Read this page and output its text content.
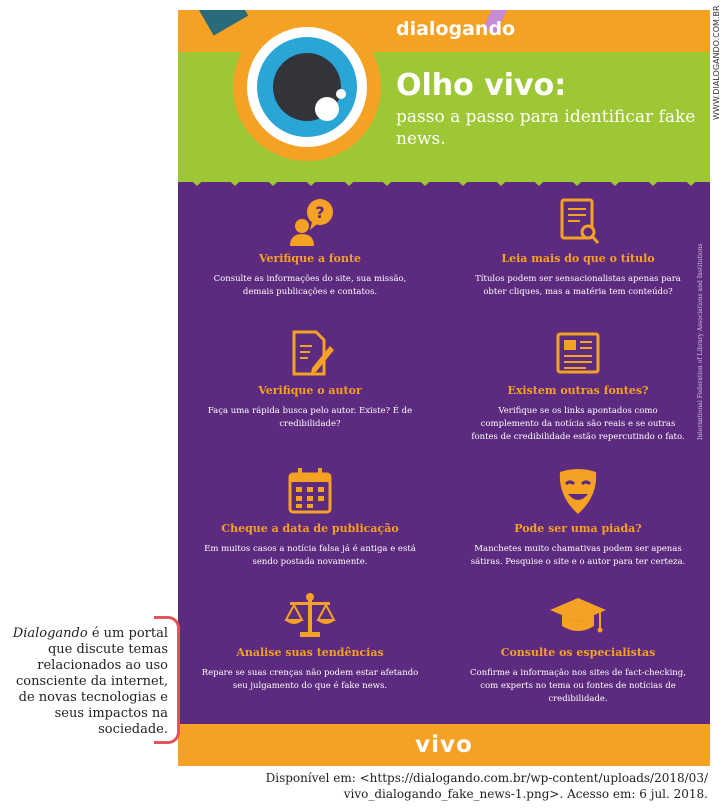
dialogando
Olho vivo:
passo a passo para identificar fake news.
?
Verifique a fonte
Consulte as informações do site, sua missão, demais publicações e contatos.
Leia mais do que o título
Títulos podem ser sensacionalistas apenas para obter cliques, mas a matéria tem conteúdo?
Verifique o autor
Faça uma rápida busca pelo autor. Existe? É de credibilidade?
Existem outras fontes?
Verifique se os links apontados como complemento da notícia são reais e se outras fontes de credibilidade estão repercutindo o fato.
Cheque a data de publicação
Em muitos casos a notícia falsa já é antiga e está sendo postada novamente.
Pode ser uma piada?
Manchetes muito chamativas podem ser apenas sátiras. Pesquise o site e o autor para ter certeza.
Analise suas tendências
Repare se suas crenças não podem estar afetando seu julgamento do que é fake news.
Consulte os especialistas
Confirme a informação nos sites de fact-checking, com experts no tema ou fontes de notícias de credibilidade.
International Federation of Library Associations and Institutions
vivo
WWW.DIALOGANDO.COM.BR
Dialogando é um portal que discute temas relacionados ao uso consciente da internet, de novas tecnologias e seus impactos na sociedade.
Disponível em: <https://dialogando.com.br/wp-content/uploads/2018/03/ vivo_dialogando_fake_news-1.png>. Acesso em: 6 jul. 2018.
